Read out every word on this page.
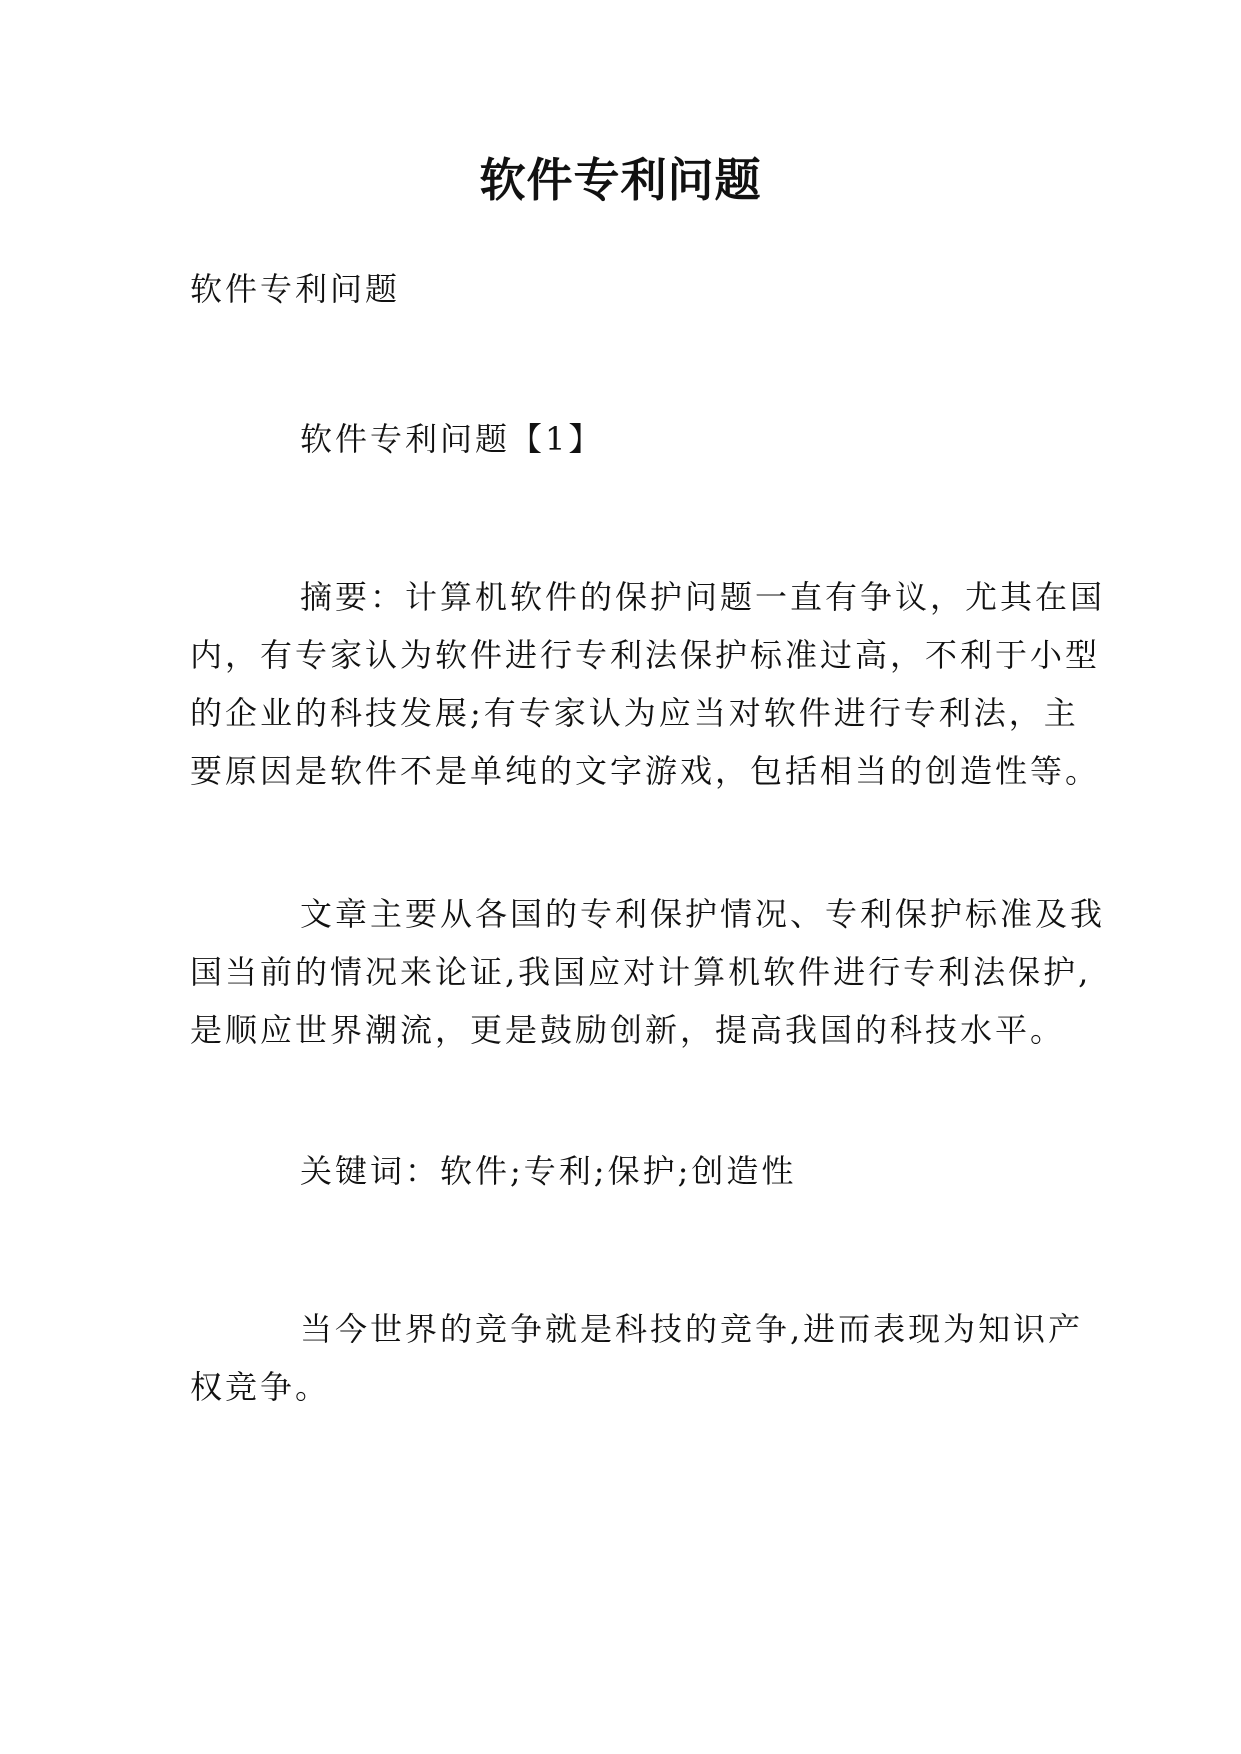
软件专利问题
软件专利问题
软件专利问题【1】
摘要：计算机软件的保护问题一直有争议，尤其在国
内，有专家认为软件进行专利法保护标准过高，不利于小型
的企业的科技发展;有专家认为应当对软件进行专利法，主
要原因是软件不是单纯的文字游戏，包括相当的创造性等。
文章主要从各国的专利保护情况、专利保护标准及我
国当前的情况来论证,我国应对计算机软件进行专利法保护,
是顺应世界潮流，更是鼓励创新，提高我国的科技水平。
关键词：软件;专利;保护;创造性
当今世界的竞争就是科技的竞争,进而表现为知识产
权竞争。
